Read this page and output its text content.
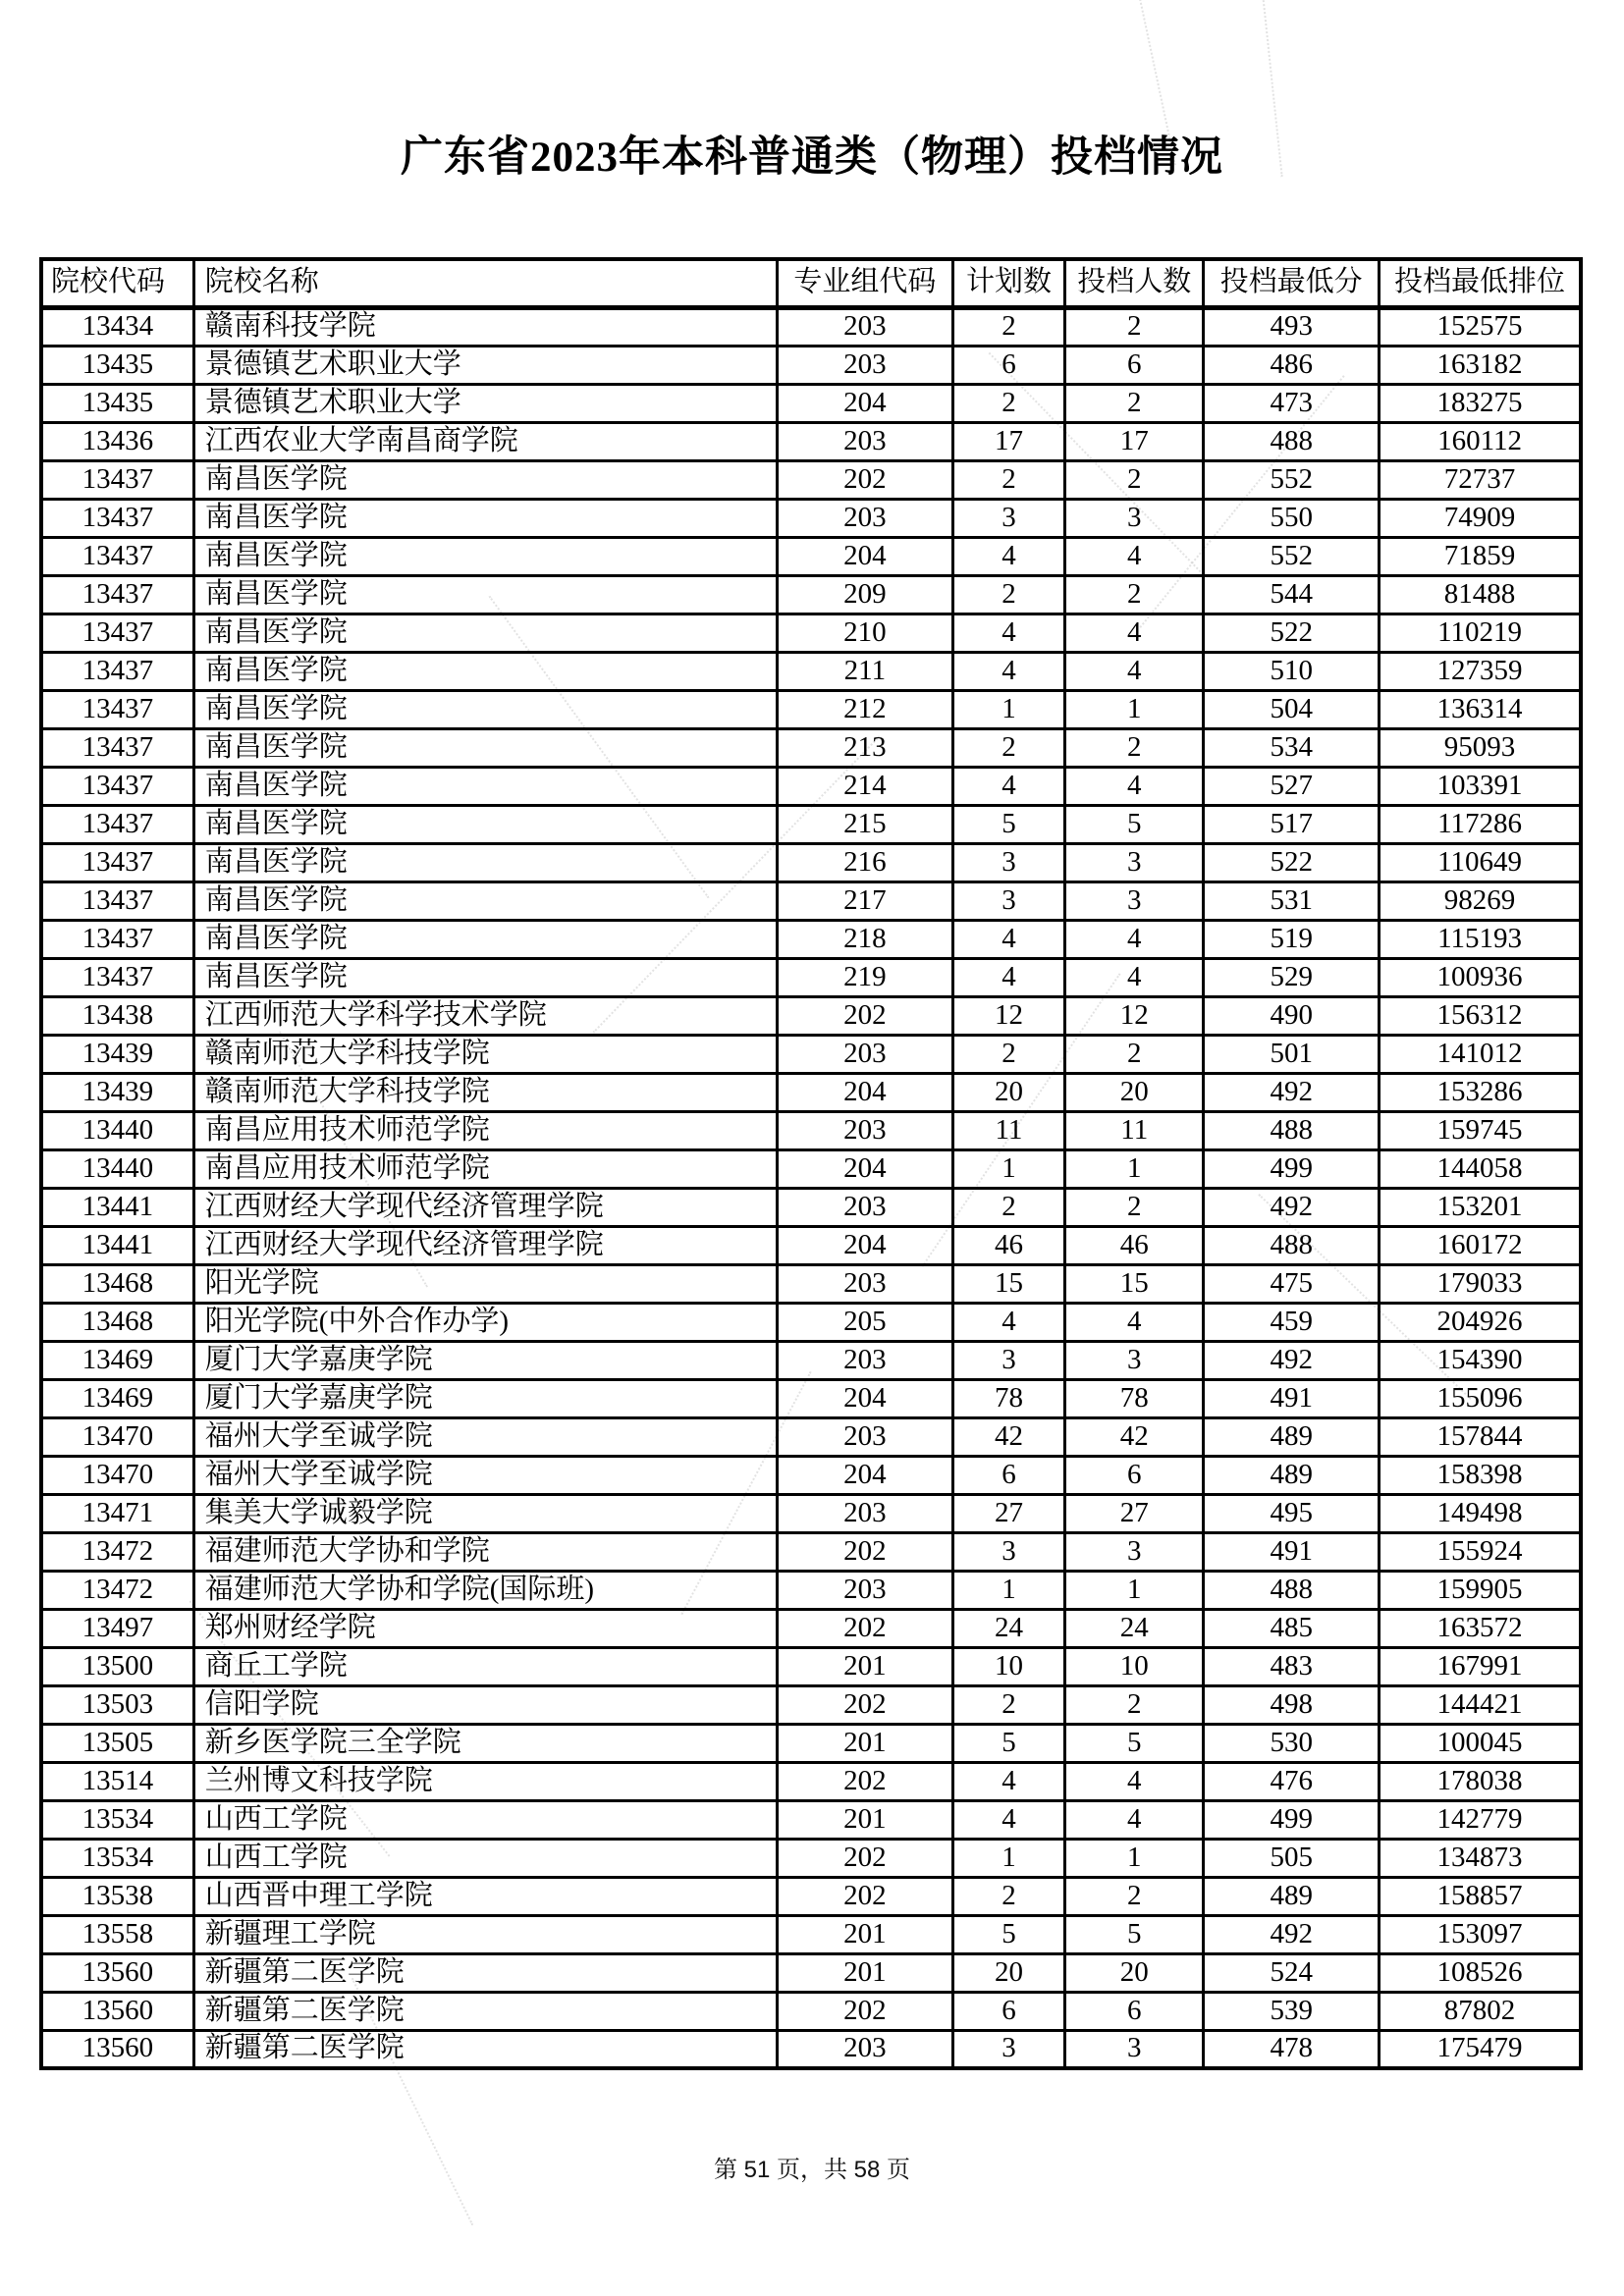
广东省2023年本科普通类（物理）投档情况
院校代码	院校名称	专业组代码	计划数	投档人数	投档最低分	投档最低排位
13434	赣南科技学院	203	2	2	493	152575
13435	景德镇艺术职业大学	203	6	6	486	163182
13435	景德镇艺术职业大学	204	2	2	473	183275
13436	江西农业大学南昌商学院	203	17	17	488	160112
13437	南昌医学院	202	2	2	552	72737
13437	南昌医学院	203	3	3	550	74909
13437	南昌医学院	204	4	4	552	71859
13437	南昌医学院	209	2	2	544	81488
13437	南昌医学院	210	4	4	522	110219
13437	南昌医学院	211	4	4	510	127359
13437	南昌医学院	212	1	1	504	136314
13437	南昌医学院	213	2	2	534	95093
13437	南昌医学院	214	4	4	527	103391
13437	南昌医学院	215	5	5	517	117286
13437	南昌医学院	216	3	3	522	110649
13437	南昌医学院	217	3	3	531	98269
13437	南昌医学院	218	4	4	519	115193
13437	南昌医学院	219	4	4	529	100936
13438	江西师范大学科学技术学院	202	12	12	490	156312
13439	赣南师范大学科技学院	203	2	2	501	141012
13439	赣南师范大学科技学院	204	20	20	492	153286
13440	南昌应用技术师范学院	203	11	11	488	159745
13440	南昌应用技术师范学院	204	1	1	499	144058
13441	江西财经大学现代经济管理学院	203	2	2	492	153201
13441	江西财经大学现代经济管理学院	204	46	46	488	160172
13468	阳光学院	203	15	15	475	179033
13468	阳光学院(中外合作办学)	205	4	4	459	204926
13469	厦门大学嘉庚学院	203	3	3	492	154390
13469	厦门大学嘉庚学院	204	78	78	491	155096
13470	福州大学至诚学院	203	42	42	489	157844
13470	福州大学至诚学院	204	6	6	489	158398
13471	集美大学诚毅学院	203	27	27	495	149498
13472	福建师范大学协和学院	202	3	3	491	155924
13472	福建师范大学协和学院(国际班)	203	1	1	488	159905
13497	郑州财经学院	202	24	24	485	163572
13500	商丘工学院	201	10	10	483	167991
13503	信阳学院	202	2	2	498	144421
13505	新乡医学院三全学院	201	5	5	530	100045
13514	兰州博文科技学院	202	4	4	476	178038
13534	山西工学院	201	4	4	499	142779
13534	山西工学院	202	1	1	505	134873
13538	山西晋中理工学院	202	2	2	489	158857
13558	新疆理工学院	201	5	5	492	153097
13560	新疆第二医学院	201	20	20	524	108526
13560	新疆第二医学院	202	6	6	539	87802
13560	新疆第二医学院	203	3	3	478	175479
第 51 页，共 58 页
